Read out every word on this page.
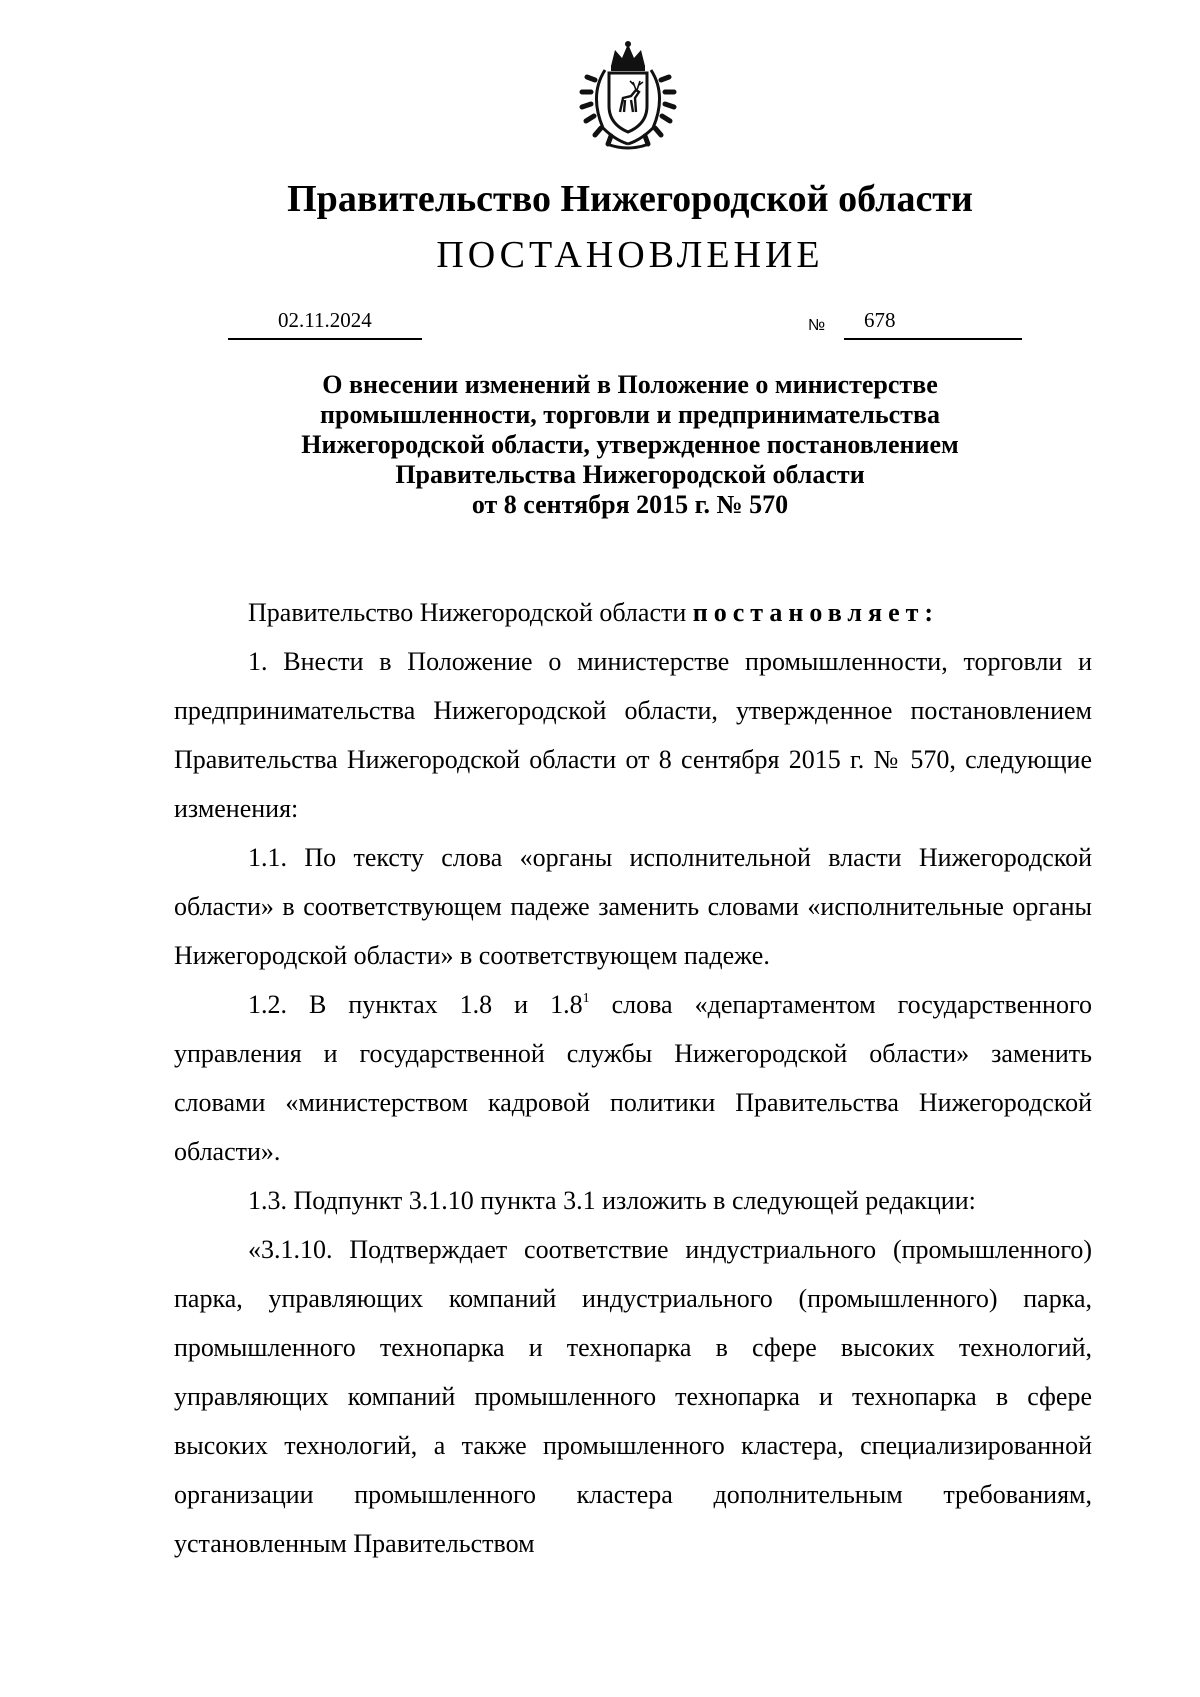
Правительство Нижегородской области
ПОСТАНОВЛЕНИЕ
02.11.2024	№ 678
О внесении изменений в Положение о министерстве
промышленности, торговли и предпринимательства
Нижегородской области, утвержденное постановлением
Правительства Нижегородской области
от 8 сентября 2015 г. № 570

Правительство Нижегородской области постановляет:

1. Внести в Положение о министерстве промышленности, торговли и предпринимательства Нижегородской области, утвержденное постановлением Правительства Нижегородской области от 8 сентября 2015 г. № 570, следующие изменения:

1.1. По тексту слова «органы исполнительной власти Нижегородской области» в соответствующем падеже заменить словами «исполнительные органы Нижегородской области» в соответствующем падеже.

1.2. В пунктах 1.8 и $1.8^1$ слова «департаментом государственного управления и государственной службы Нижегородской области» заменить словами «министерством кадровой политики Правительства Нижегородской области».

1.3. Подпункт 3.1.10 пункта 3.1 изложить в следующей редакции:

«3.1.10. Подтверждает соответствие индустриального (промышленного) парка, управляющих компаний индустриального (промышленного) парка, промышленного технопарка и технопарка в сфере высоких технологий, управляющих компаний промышленного технопарка и технопарка в сфере высоких технологий, а также промышленного кластера, специализированной организации промышленного кластера дополнительным требованиям, установленным Правительством
